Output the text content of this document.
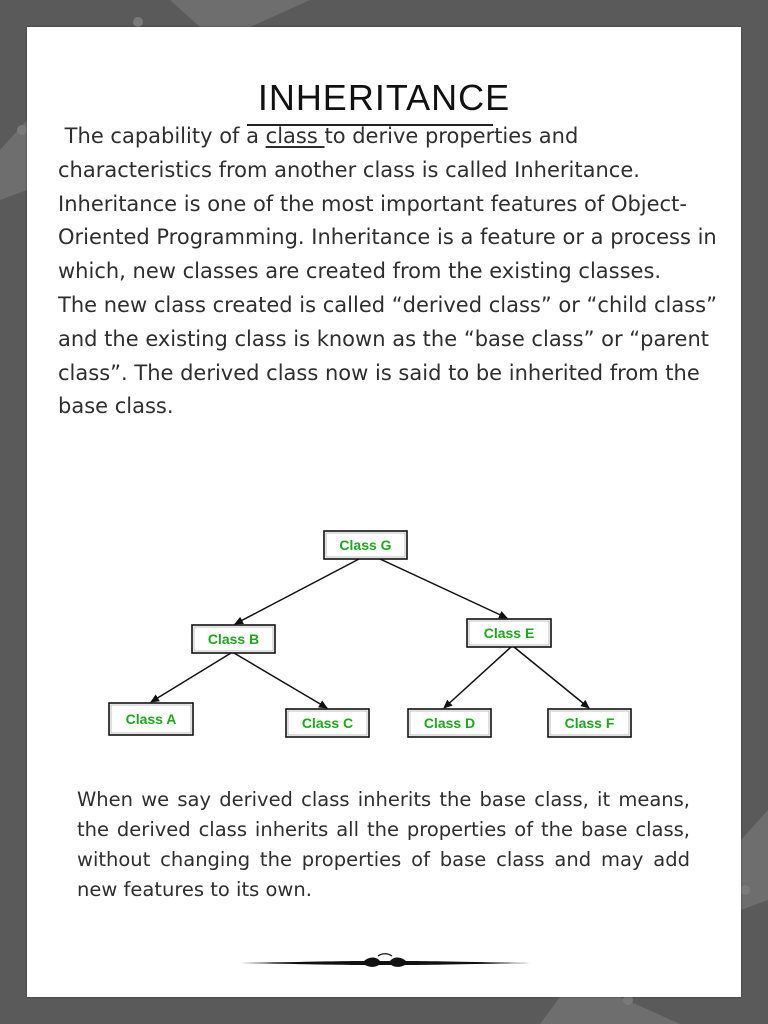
INHERITANCE

The capability of a class to derive properties and characteristics from another class is called Inheritance.

Inheritance is one of the most important features of Object-Oriented Programming. Inheritance is a feature or a process in which, new classes are created from the existing classes.

The new class created is called “derived class” or “child class” and the existing class is known as the “base class” or “parent class”. The derived class now is said to be inherited from the base class.

Class G
Class B	Class E
Class A	Class C	Class D	Class F
When we say derived class inherits the base class, it means, the derived class inherits all the properties of the base class, without changing the properties of base class and may add new features to its own.
